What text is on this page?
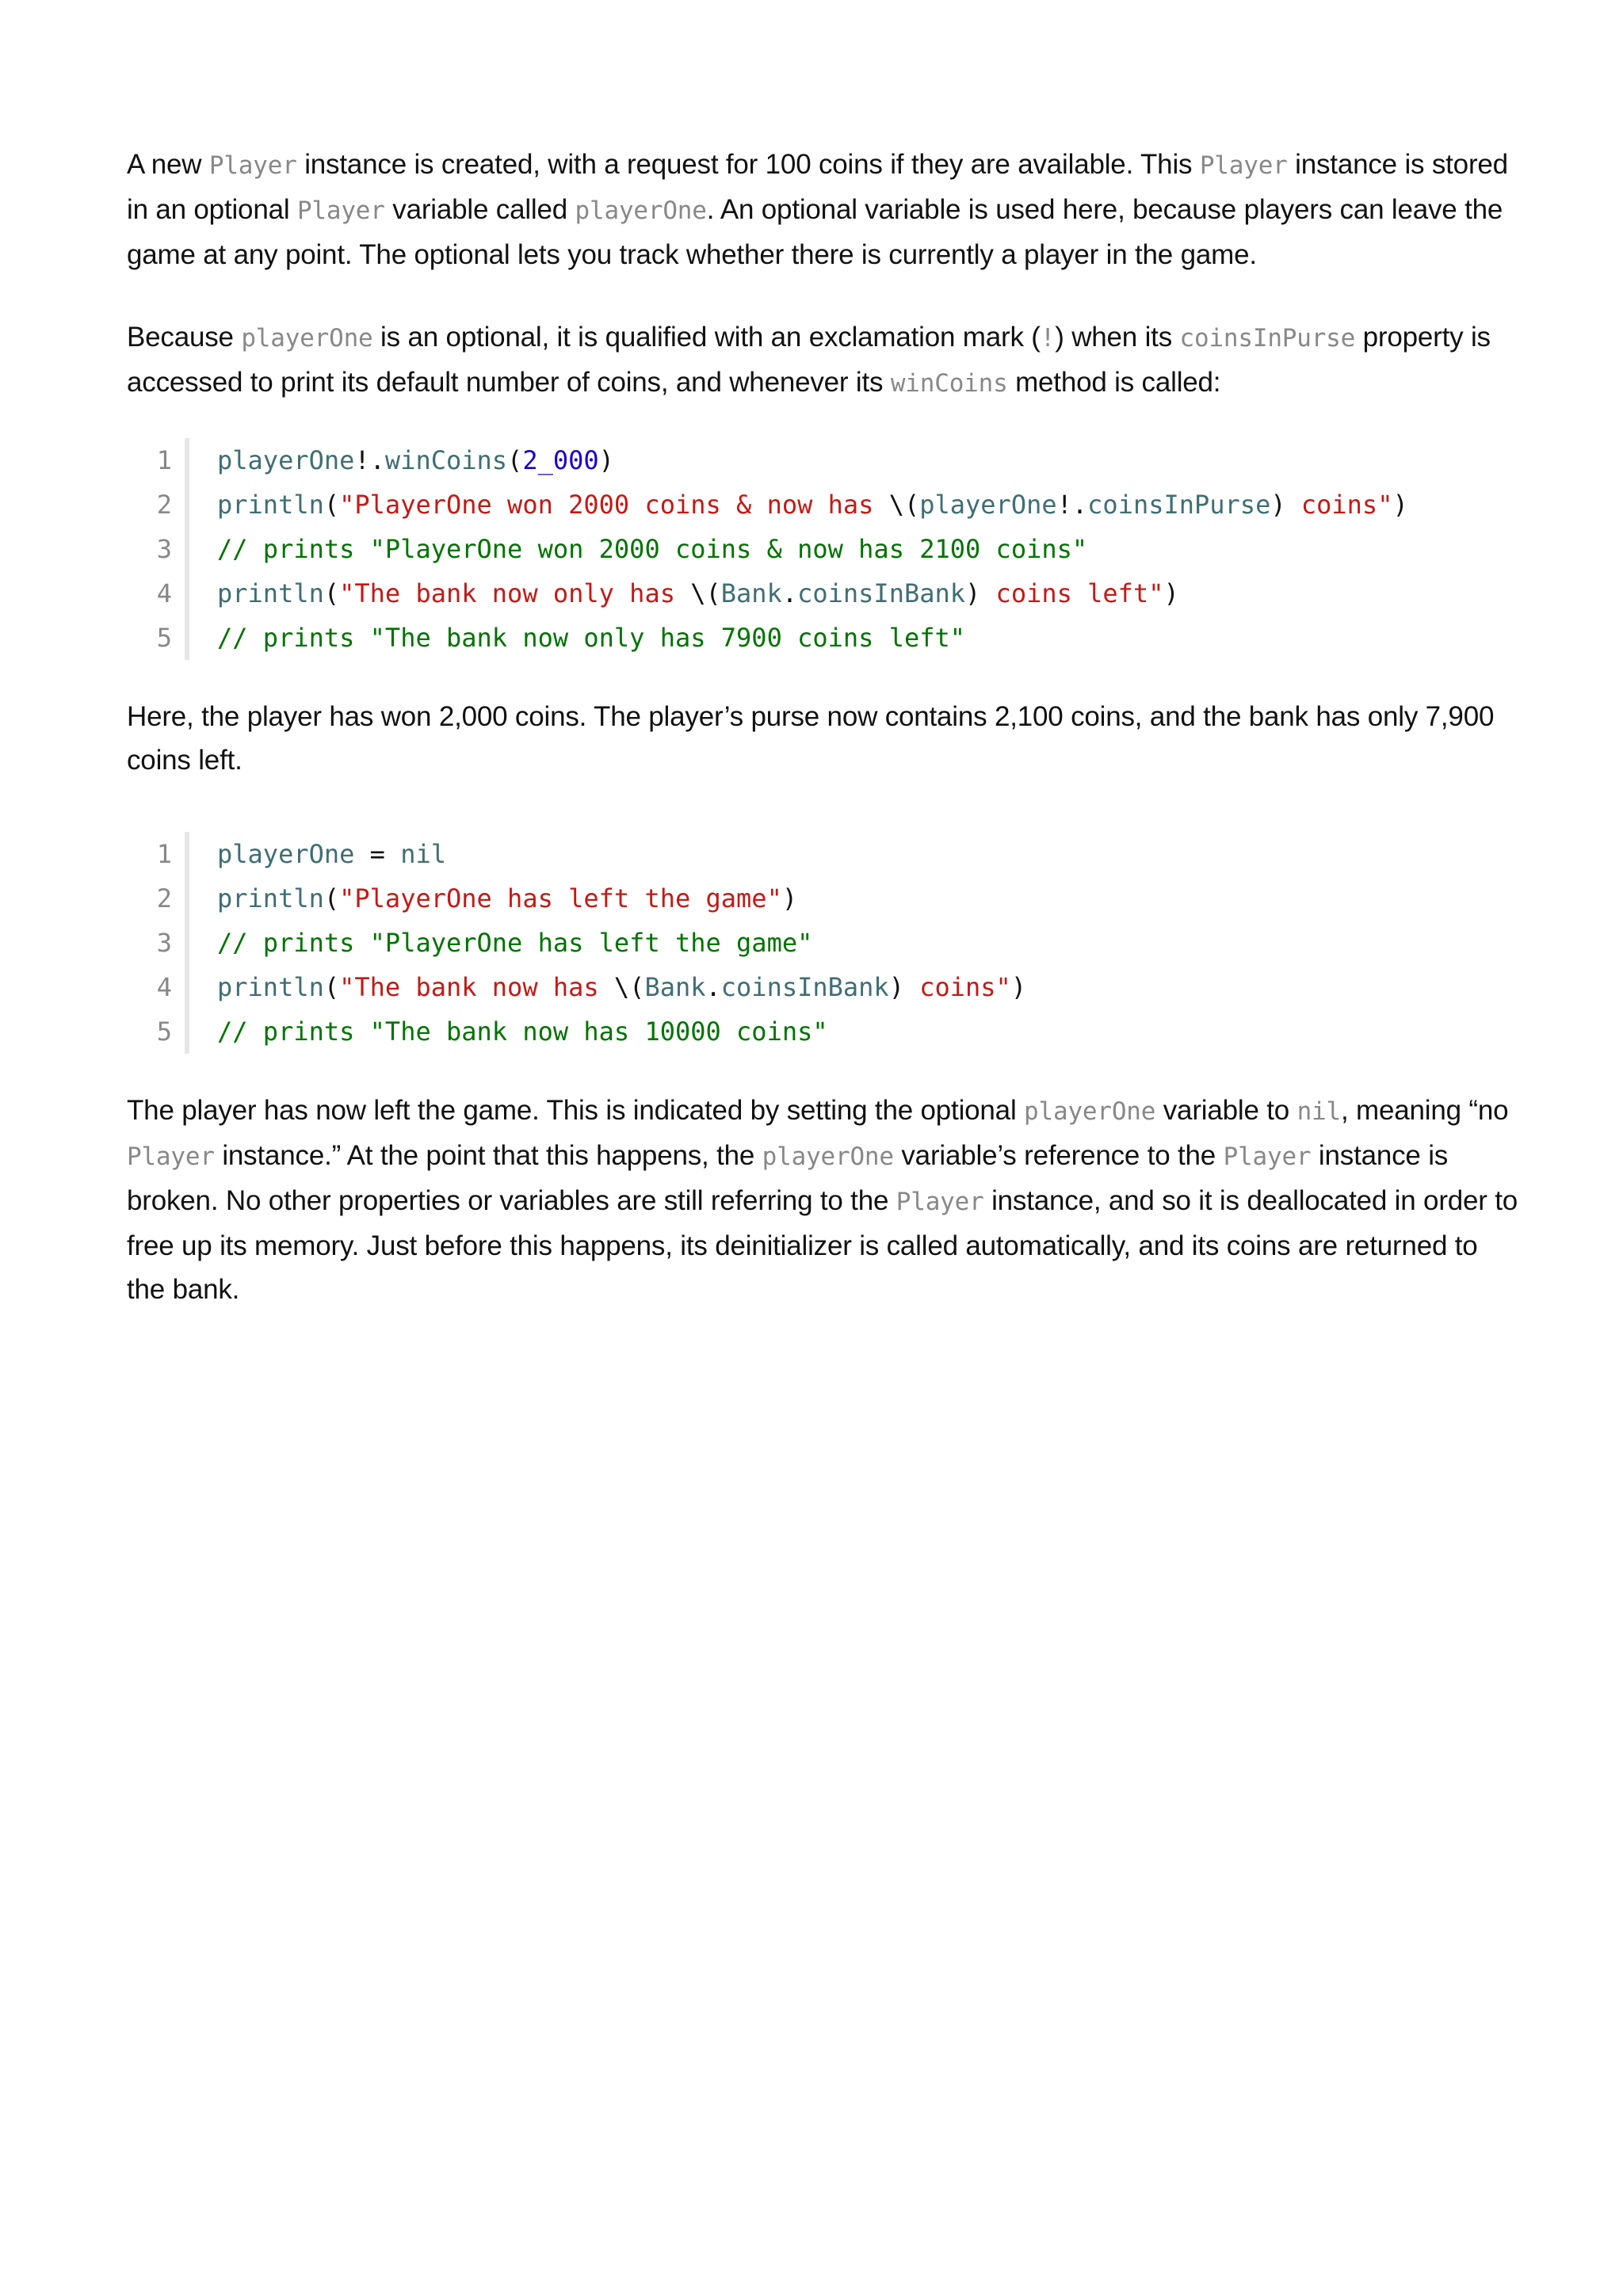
A new Player instance is created, with a request for 100 coins if they are available. This Player instance is stored in an optional Player variable called playerOne. An optional variable is used here, because players can leave the game at any point. The optional lets you track whether there is currently a player in the game.

Because playerOne is an optional, it is qualified with an exclamation mark (!) when its coinsInPurse property is accessed to print its default number of coins, and whenever its winCoins method is called:

1	playerOne!.winCoins(2_000)
2	println("PlayerOne won 2000 coins & now has \(playerOne!.coinsInPurse) coins")
3	// prints "PlayerOne won 2000 coins & now has 2100 coins"
4	println("The bank now only has \(Bank.coinsInBank) coins left")
5	// prints "The bank now only has 7900 coins left"

Here, the player has won 2,000 coins. The player’s purse now contains 2,100 coins, and the bank has only 7,900 coins left.

1	playerOne = nil
2	println("PlayerOne has left the game")
3	// prints "PlayerOne has left the game"
4	println("The bank now has \(Bank.coinsInBank) coins")
5	// prints "The bank now has 10000 coins"

The player has now left the game. This is indicated by setting the optional playerOne variable to nil, meaning “no Player instance.” At the point that this happens, the playerOne variable’s reference to the Player instance is broken. No other properties or variables are still referring to the Player instance, and so it is deallocated in order to free up its memory. Just before this happens, its deinitializer is called automatically, and its coins are returned to the bank.
